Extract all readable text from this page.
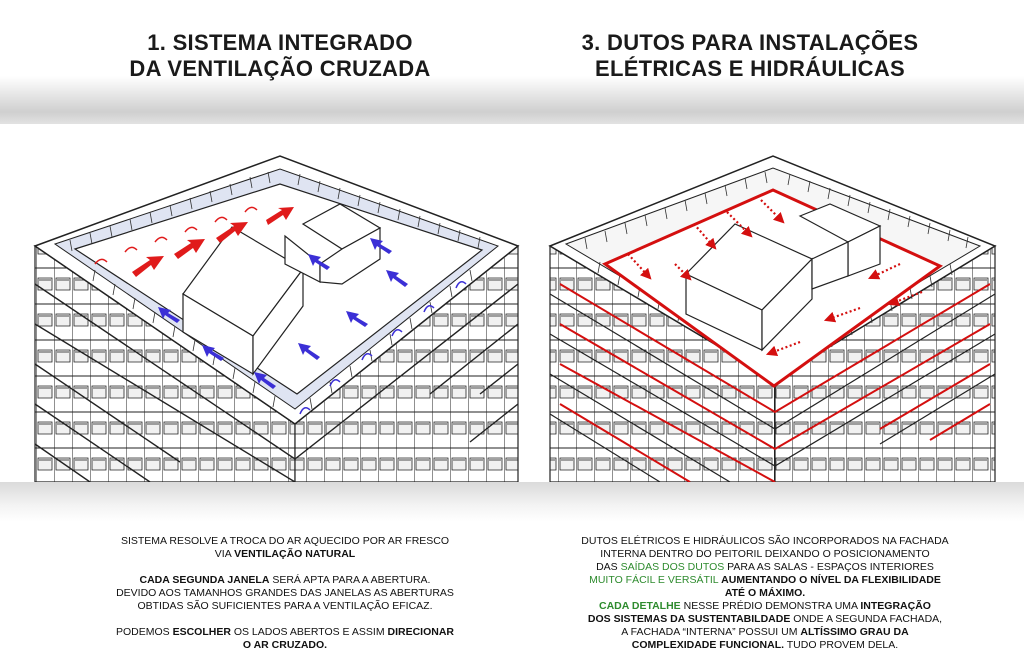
1. SISTEMA INTEGRADO
DA VENTILAÇÃO CRUZADA
3. DUTOS PARA INSTALAÇÕES
ELÉTRICAS E HIDRÁULICAS

SISTEMA RESOLVE A TROCA DO AR AQUECIDO POR AR FRESCO
VIA VENTILAÇÃO NATURAL

CADA SEGUNDA JANELA SERÁ APTA PARA A ABERTURA.
DEVIDO AOS TAMANHOS GRANDES DAS JANELAS AS ABERTURAS
OBTIDAS SÃO SUFICIENTES PARA A VENTILAÇÃO EFICAZ.

PODEMOS ESCOLHER OS LADOS ABERTOS E ASSIM DIRECIONAR
O AR CRUZADO.

DUTOS ELÉTRICOS E HIDRÁULICOS SÃO INCORPORADOS NA FACHADA
INTERNA DENTRO DO PEITORIL DEIXANDO O POSICIONAMENTO
DAS SAÍDAS DOS DUTOS PARA AS SALAS - ESPAÇOS INTERIORES
MUITO FÁCIL E VERSÁTIL AUMENTANDO O NÍVEL DA FLEXIBILIDADE
ATÉ O MÁXIMO.
CADA DETALHE NESSE PRÉDIO DEMONSTRA UMA INTEGRAÇÃO
DOS SISTEMAS DA SUSTENTABILDADE ONDE A SEGUNDA FACHADA,
A FACHADA “INTERNA” POSSUI UM ALTÍSSIMO GRAU DA
COMPLEXIDADE FUNCIONAL. TUDO PROVEM DELA.
